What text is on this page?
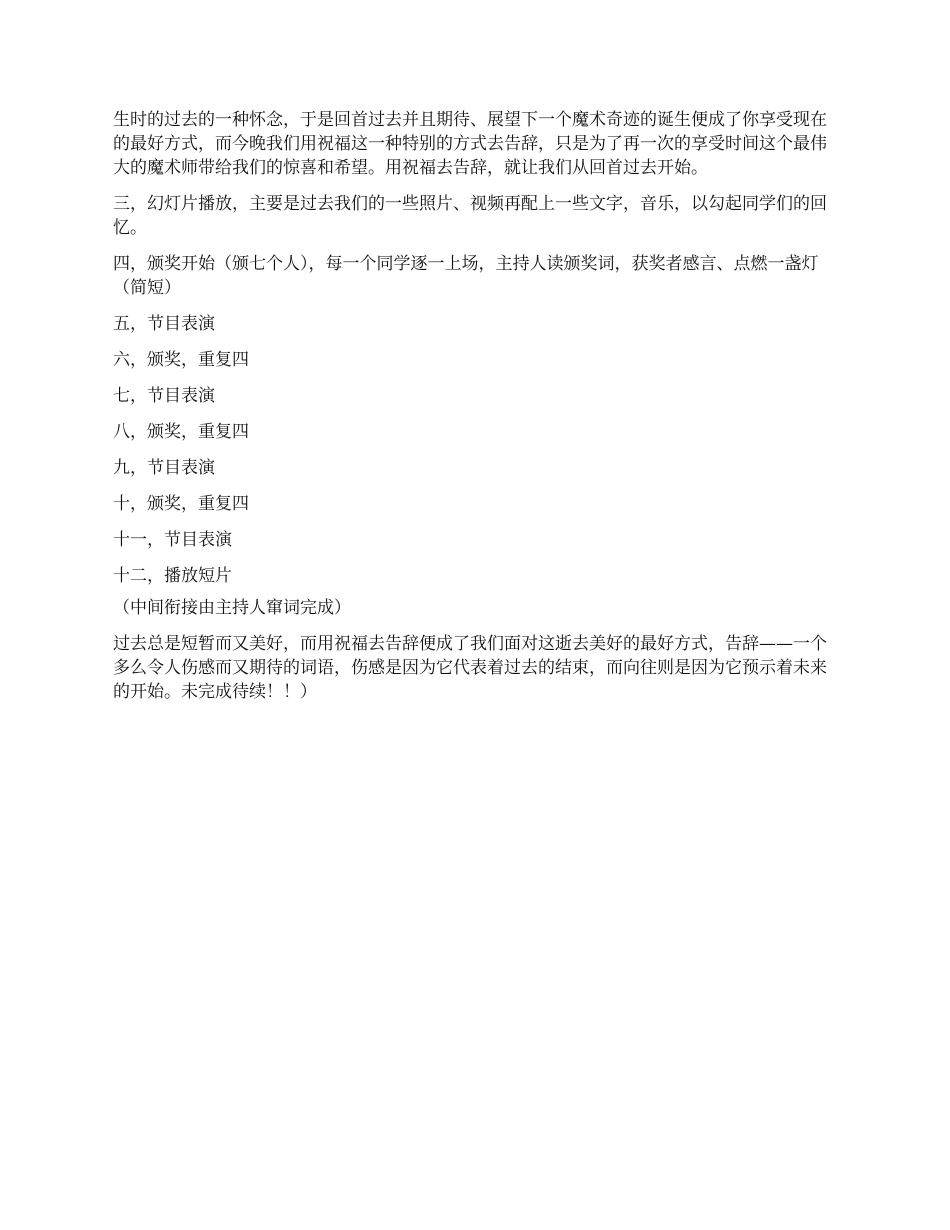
生时的过去的一种怀念，于是回首过去并且期待、展望下一个魔术奇迹的诞生便成了你享受现在的最好方式，而今晚我们用祝福这一种特别的方式去告辞，只是为了再一次的享受时间这个最伟大的魔术师带给我们的惊喜和希望。用祝福去告辞，就让我们从回首过去开始。

三，幻灯片播放，主要是过去我们的一些照片、视频再配上一些文字，音乐，以勾起同学们的回忆。

四，颁奖开始（颁七个人），每一个同学逐一上场，主持人读颁奖词，获奖者感言、点燃一盏灯（简短）

五，节目表演

六，颁奖，重复四

七，节目表演

八，颁奖，重复四

九，节目表演

十，颁奖，重复四

十一，节目表演

十二，播放短片

（中间衔接由主持人窜词完成）

过去总是短暂而又美好，而用祝福去告辞便成了我们面对这逝去美好的最好方式，告辞——一个多么令人伤感而又期待的词语，伤感是因为它代表着过去的结束，而向往则是因为它预示着未来的开始。未完成待续！！）
